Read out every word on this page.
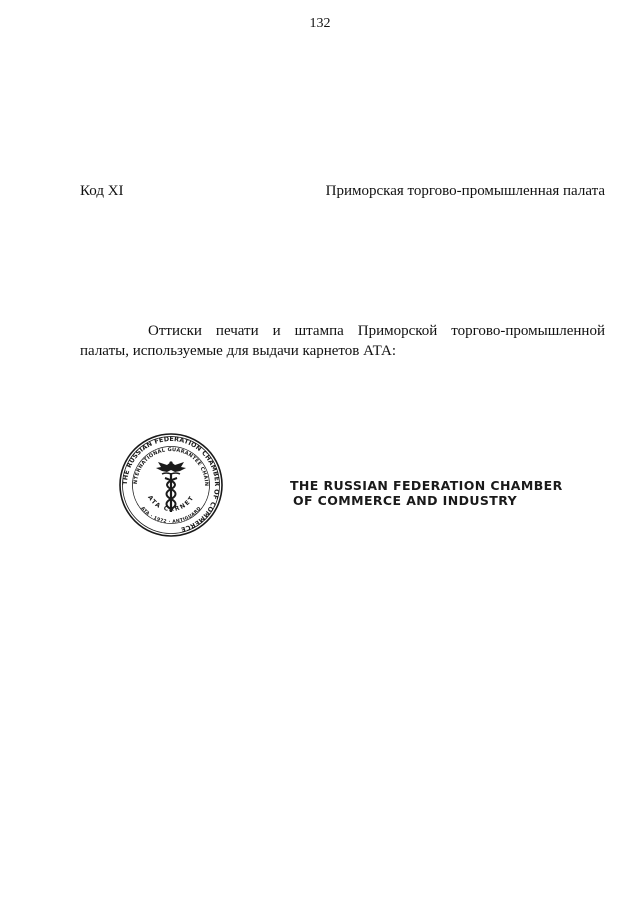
132
Код XI	Приморская торгово-промышленная палата

Оттиски печати и штампа Приморской торгово-промышленной палаты, используемые для выдачи карнетов АТА:

THE RUSSIAN FEDERATION CHAMBER OF COMMERCE
NTERNATIONAL GUARANTEE CHAIN
ATA CARNET
ATA · 1972 · ANTIGUARD
THE RUSSIAN FEDERATION CHAMBER
OF COMMERCE AND INDUSTRY
